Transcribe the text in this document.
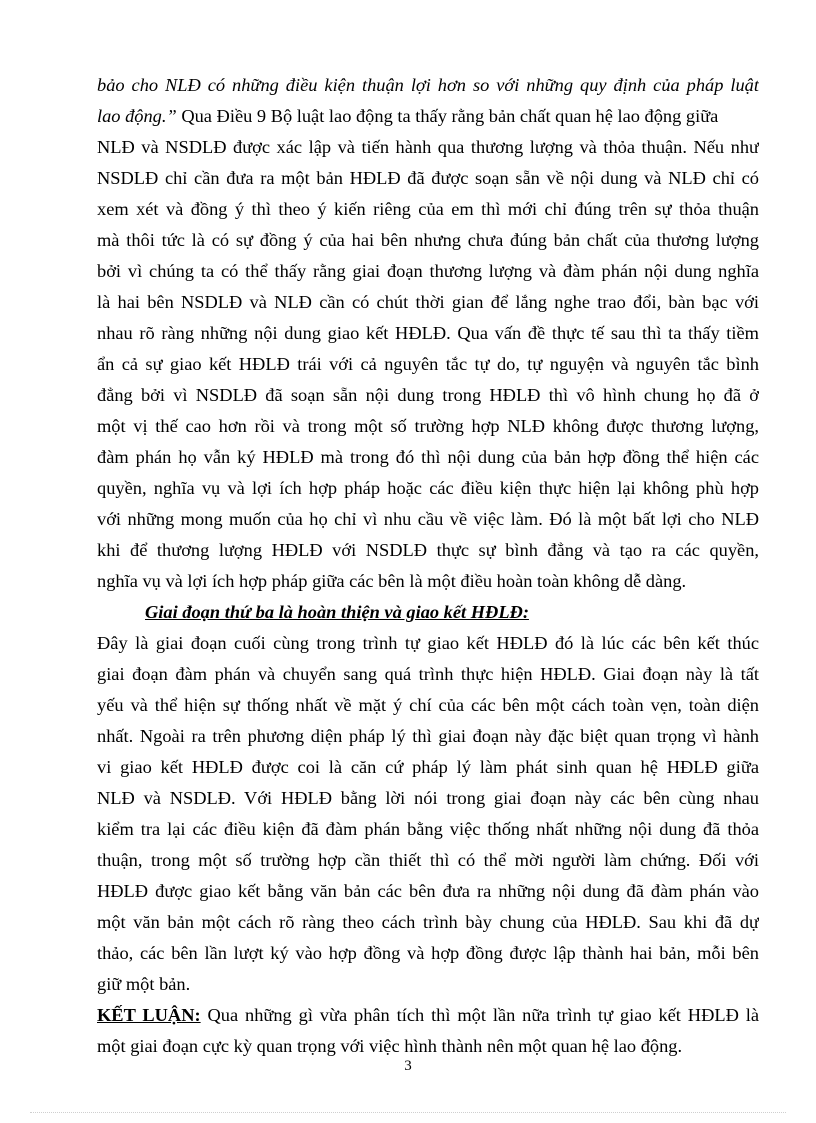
bảo cho NLĐ có những điều kiện thuận lợi hơn so với những quy định của pháp luật
lao động.” Qua Điều 9 Bộ luật lao động ta thấy rằng bản chất quan hệ lao động giữa
NLĐ và NSDLĐ được xác lập và tiến hành qua thương lượng và thỏa thuận. Nếu như
NSDLĐ chỉ cần đưa ra một bản HĐLĐ đã được soạn sẵn về nội dung và NLĐ chỉ có
xem xét và đồng ý thì theo ý kiến riêng của em thì mới chỉ đúng trên sự thỏa thuận
mà thôi tức là có sự đồng ý của hai bên nhưng chưa đúng bản chất của thương lượng
bởi vì chúng ta có thể thấy rằng giai đoạn thương lượng và đàm phán nội dung nghĩa
là hai bên NSDLĐ và NLĐ cần có chút thời gian để lắng nghe trao đổi, bàn bạc với
nhau rõ ràng những nội dung giao kết HĐLĐ. Qua vấn đề thực tế sau thì ta thấy tiềm
ẩn cả sự giao kết HĐLĐ trái với cả nguyên tắc tự do, tự nguyện và nguyên tắc bình
đẳng bởi vì NSDLĐ đã soạn sẵn nội dung trong HĐLĐ thì vô hình chung họ đã ở
một vị thế cao hơn rồi và trong một số trường hợp NLĐ không được thương lượng,
đàm phán họ vẫn ký HĐLĐ mà trong đó thì nội dung của bản hợp đồng thể hiện các
quyền, nghĩa vụ và lợi ích hợp pháp hoặc các điều kiện thực hiện lại không phù hợp
với những mong muốn của họ chỉ vì nhu cầu về việc làm. Đó là một bất lợi cho NLĐ
khi để thương lượng HĐLĐ với NSDLĐ thực sự bình đẳng và tạo ra các quyền,
nghĩa vụ và lợi ích hợp pháp giữa các bên là một điều hoàn toàn không dễ dàng.
Giai đoạn thứ ba là hoàn thiện và giao kết HĐLĐ:
Đây là giai đoạn cuối cùng trong trình tự giao kết HĐLĐ đó là lúc các bên kết thúc
giai đoạn đàm phán và chuyển sang quá trình thực hiện HĐLĐ. Giai đoạn này là tất
yếu và thể hiện sự thống nhất về mặt ý chí của các bên một cách toàn vẹn, toàn diện
nhất. Ngoài ra trên phương diện pháp lý thì giai đoạn này đặc biệt quan trọng vì hành
vi giao kết HĐLĐ được coi là căn cứ pháp lý làm phát sinh quan hệ HĐLĐ giữa
NLĐ và NSDLĐ. Với HĐLĐ bằng lời nói trong giai đoạn này các bên cùng nhau
kiểm tra lại các điều kiện đã đàm phán bằng việc thống nhất những nội dung đã thỏa
thuận, trong một số trường hợp cần thiết thì có thể mời người làm chứng. Đối với
HĐLĐ được giao kết bằng văn bản các bên đưa ra những nội dung đã đàm phán vào
một văn bản một cách rõ ràng theo cách trình bày chung của HĐLĐ. Sau khi đã dự
thảo, các bên lần lượt ký vào hợp đồng và hợp đồng được lập thành hai bản, mỗi bên
giữ một bản.
KẾT LUẬN: Qua những gì vừa phân tích thì một lần nữa trình tự giao kết HĐLĐ là
một giai đoạn cực kỳ quan trọng với việc hình thành nên một quan hệ lao động.
3
